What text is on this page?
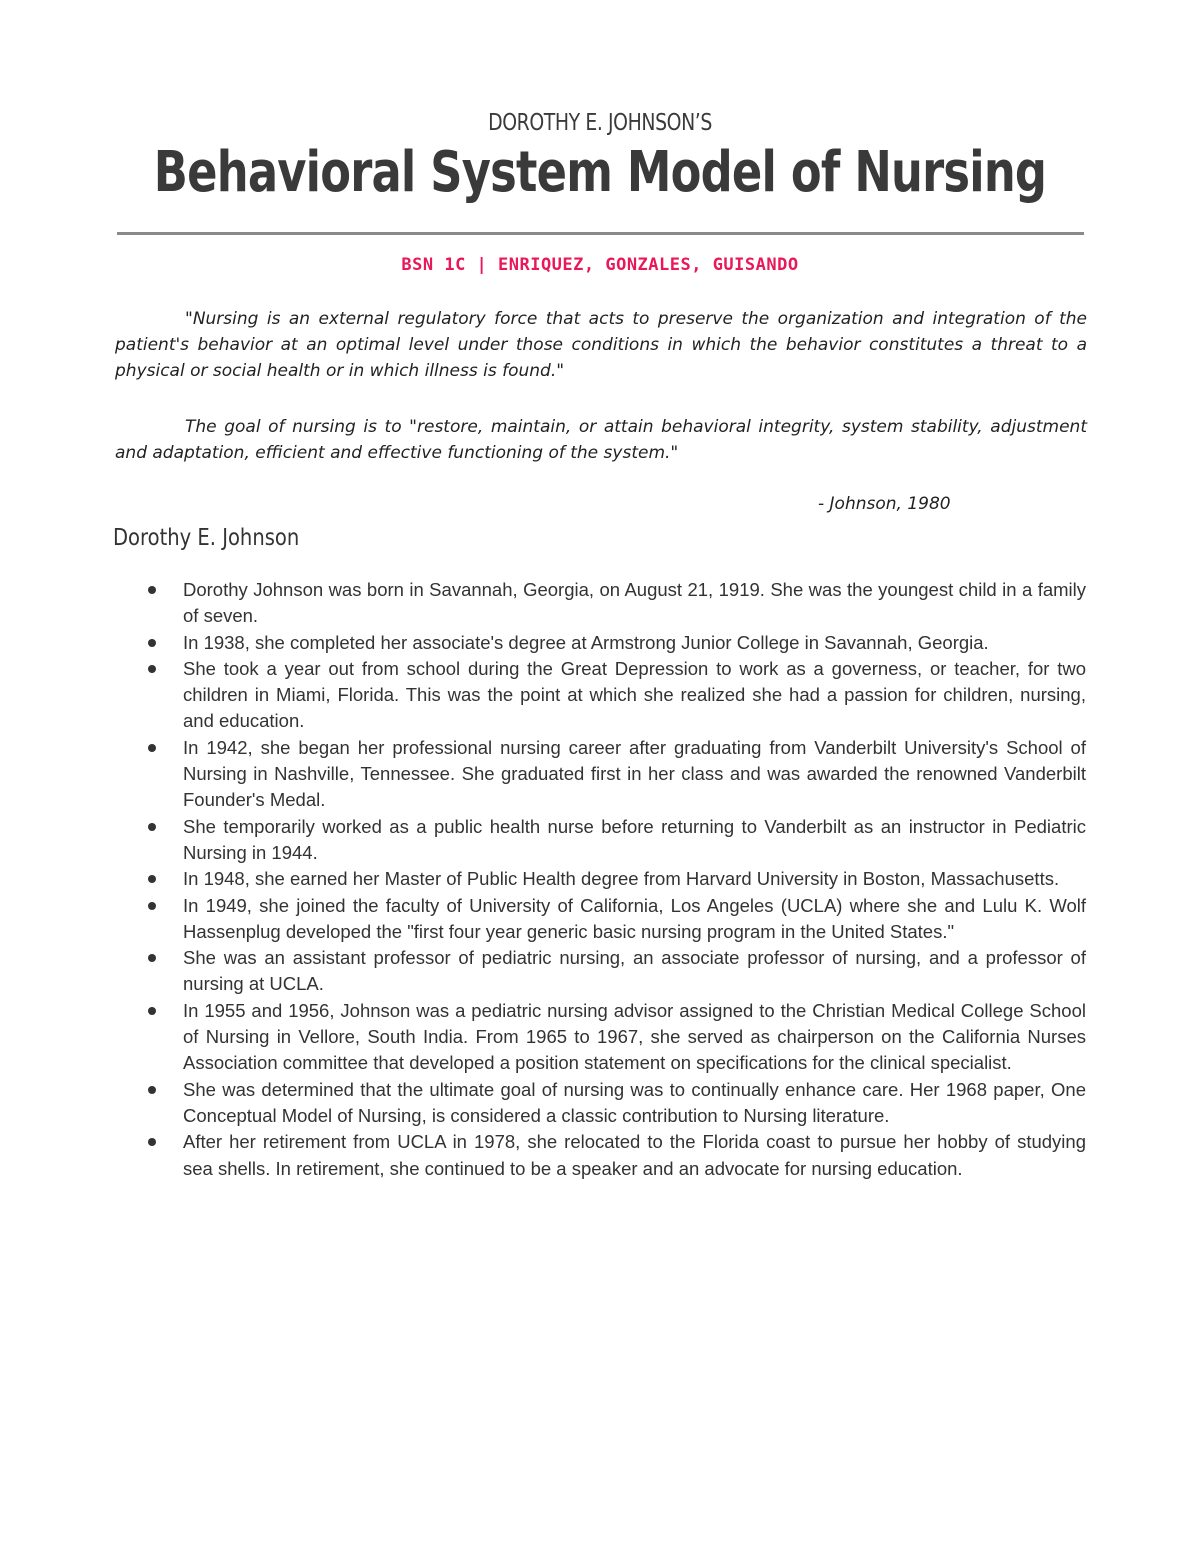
DOROTHY E. JOHNSON’S
Behavioral System Model of Nursing
BSN 1C | ENRIQUEZ, GONZALES, GUISANDO
"Nursing is an external regulatory force that acts to preserve the organization and integration of the patient's behavior at an optimal level under those conditions in which the behavior constitutes a threat to a physical or social health or in which illness is found."
The goal of nursing is to "restore, maintain, or attain behavioral integrity, system stability, adjustment and adaptation, efficient and effective functioning of the system."
- Johnson, 1980
Dorothy E. Johnson
Dorothy Johnson was born in Savannah, Georgia, on August 21, 1919. She was the youngest child in a family of seven.
In 1938, she completed her associate's degree at Armstrong Junior College in Savannah, Georgia.
She took a year out from school during the Great Depression to work as a governess, or teacher, for two children in Miami, Florida. This was the point at which she realized she had a passion for children, nursing, and education.
In 1942, she began her professional nursing career after graduating from Vanderbilt University's School of Nursing in Nashville, Tennessee. She graduated first in her class and was awarded the renowned Vanderbilt Founder's Medal.
She temporarily worked as a public health nurse before returning to Vanderbilt as an instructor in Pediatric Nursing in 1944.
In 1948, she earned her Master of Public Health degree from Harvard University in Boston, Massachusetts.
In 1949, she joined the faculty of University of California, Los Angeles (UCLA) where she and Lulu K. Wolf Hassenplug developed the "first four year generic basic nursing program in the United States."
She was an assistant professor of pediatric nursing, an associate professor of nursing, and a professor of nursing at UCLA.
In 1955 and 1956, Johnson was a pediatric nursing advisor assigned to the Christian Medical College School of Nursing in Vellore, South India. From 1965 to 1967, she served as chairperson on the California Nurses Association committee that developed a position statement on specifications for the clinical specialist.
She was determined that the ultimate goal of nursing was to continually enhance care. Her 1968 paper, One Conceptual Model of Nursing, is considered a classic contribution to Nursing literature.
After her retirement from UCLA in 1978, she relocated to the Florida coast to pursue her hobby of studying sea shells. In retirement, she continued to be a speaker and an advocate for nursing education.
